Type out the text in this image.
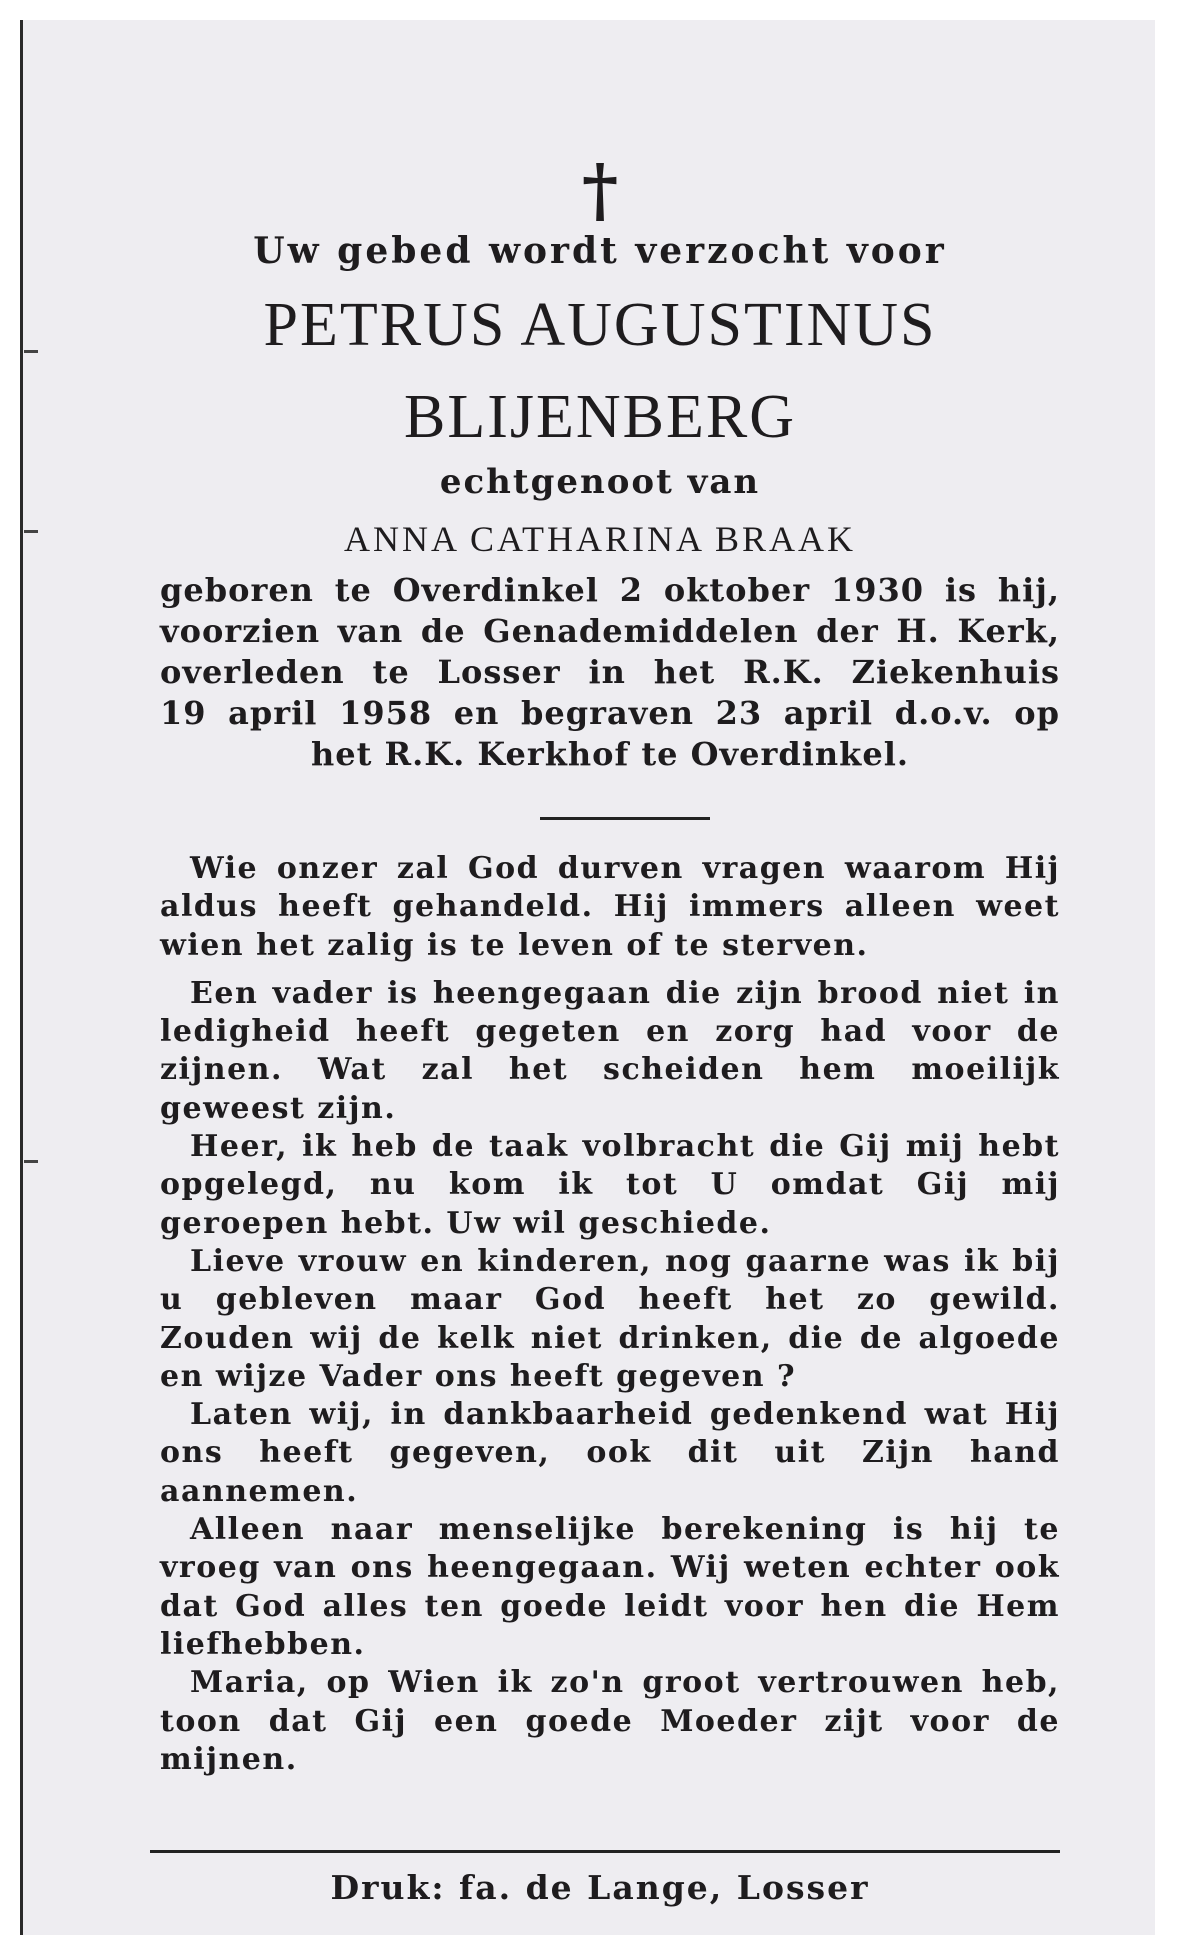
†
Uw gebed wordt verzocht voor
PETRUS AUGUSTINUS
BLIJENBERG
echtgenoot van
ANNA CATHARINA BRAAK
geboren te Overdinkel 2 oktober 1930 is hij,
voorzien van de Genademiddelen der H. Kerk,
overleden te Losser in het R.K. Ziekenhuis
19 april 1958 en begraven 23 april d.o.v. op
het R.K. Kerkhof te Overdinkel.

Wie onzer zal God durven vragen waarom Hij aldus heeft gehandeld. Hij immers alleen weet wien het zalig is te leven of te sterven.

Een vader is heengegaan die zijn brood niet in ledigheid heeft gegeten en zorg had voor de zijnen. Wat zal het scheiden hem moeilijk geweest zijn.

Heer, ik heb de taak volbracht die Gij mij hebt opgelegd, nu kom ik tot U omdat Gij mij geroepen hebt. Uw wil geschiede.

Lieve vrouw en kinderen, nog gaarne was ik bij u gebleven maar God heeft het zo gewild. Zouden wij de kelk niet drinken, die de algoede en wijze Vader ons heeft gegeven ?

Laten wij, in dankbaarheid gedenkend wat Hij ons heeft gegeven, ook dit uit Zijn hand aannemen.

Alleen naar menselijke berekening is hij te vroeg van ons heengegaan. Wij weten echter ook dat God alles ten goede leidt voor hen die Hem liefhebben.

Maria, op Wien ik zo'n groot vertrouwen heb, toon dat Gij een goede Moeder zijt voor de mijnen.

Druk: fa. de Lange, Losser
